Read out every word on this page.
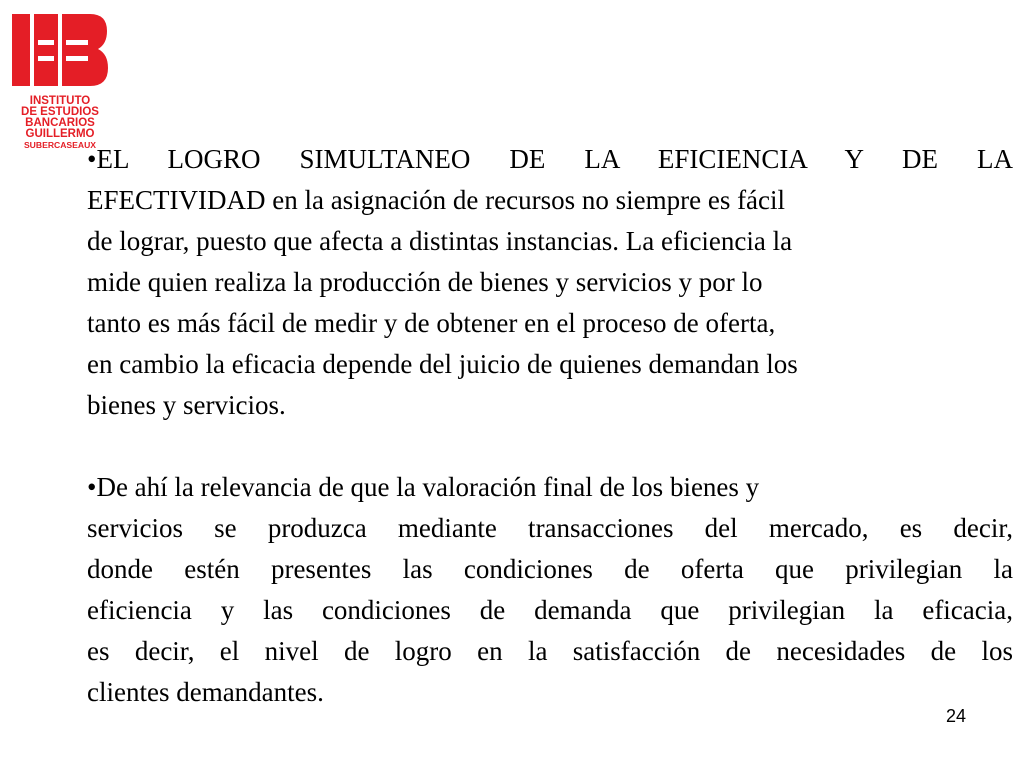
INSTITUTO
DE ESTUDIOS
BANCARIOS
GUILLERMO
SUBERCASEAUX
•EL LOGRO SIMULTANEO DE LA EFICIENCIA Y DE LA
EFECTIVIDAD en la asignación de recursos no siempre es fácil
de lograr, puesto que afecta a distintas instancias. La eficiencia la
mide quien realiza la producción de bienes y servicios y por lo
tanto es más fácil de medir y de obtener en el proceso de oferta,
en cambio la eficacia depende del juicio de quienes demandan los
bienes y servicios.
•De ahí la relevancia de que la valoración final de los bienes y
servicios se produzca mediante transacciones del mercado, es decir,
donde estén presentes las condiciones de oferta que privilegian la
eficiencia y las condiciones de demanda que privilegian la eficacia,
es decir, el nivel de logro en la satisfacción de necesidades de los
clientes demandantes.
24
